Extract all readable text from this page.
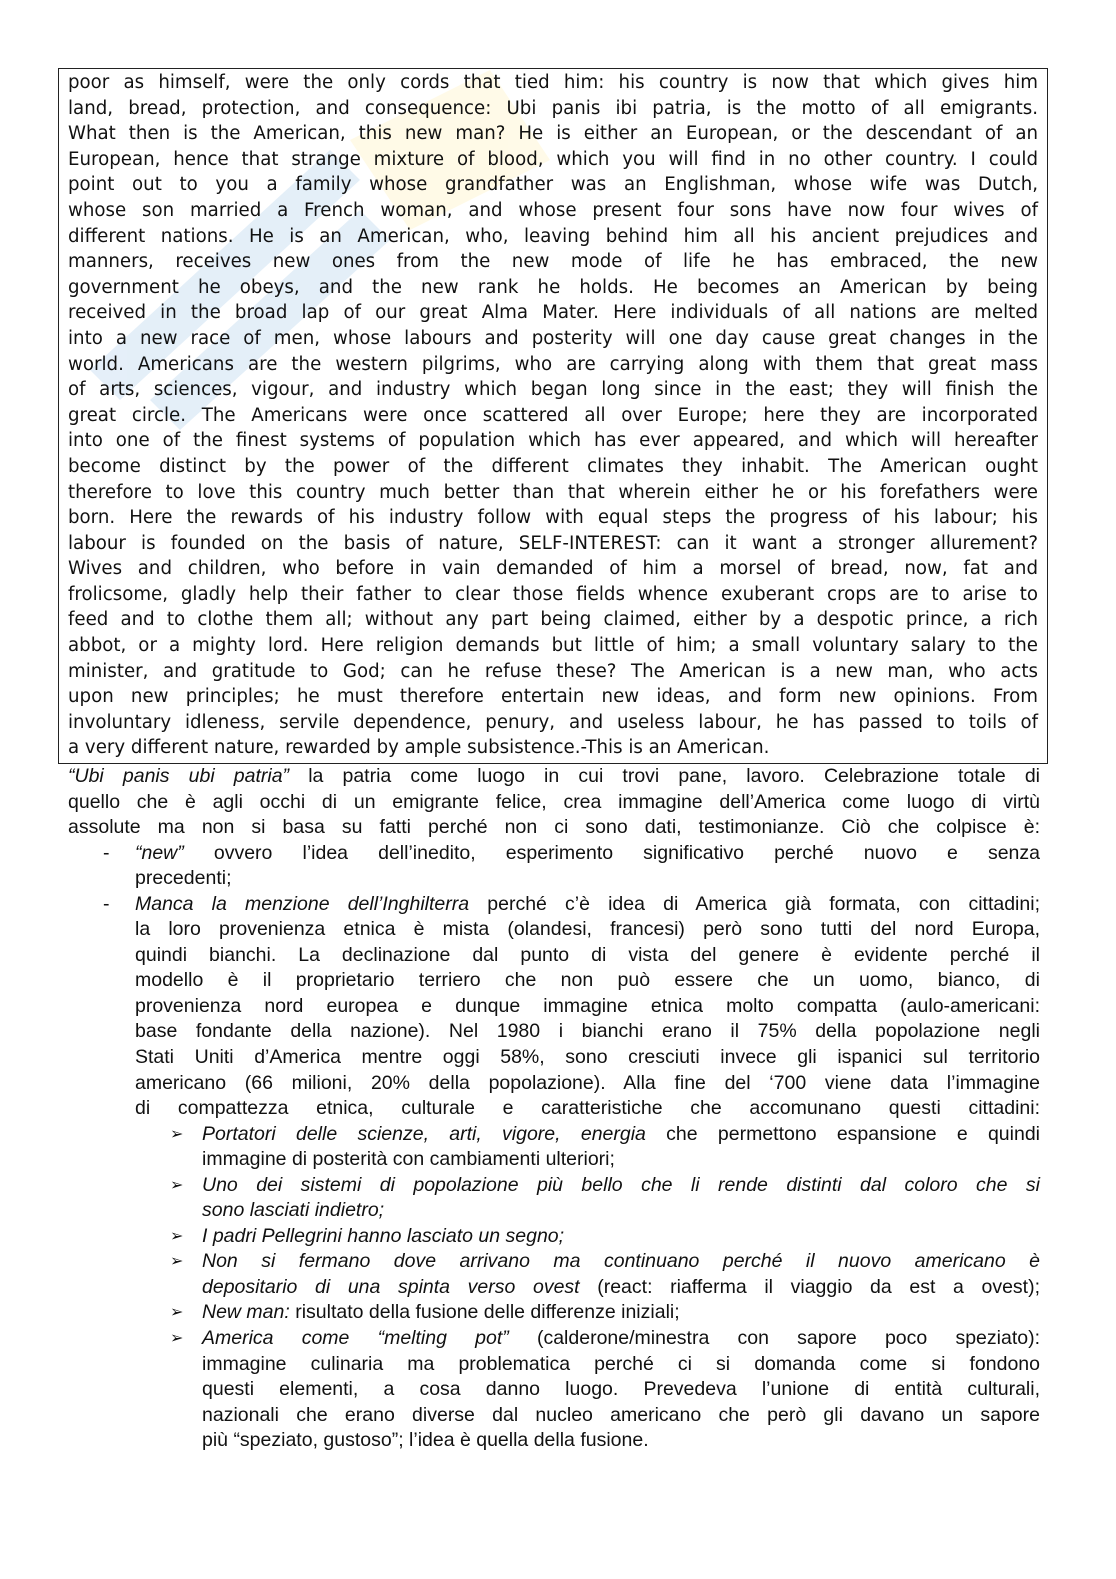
poor as himself, were the only cords that tied him: his country is now that which gives him
land, bread, protection, and consequence: Ubi panis ibi patria, is the motto of all emigrants.
What then is the American, this new man? He is either an European, or the descendant of an
European, hence that strange mixture of blood, which you will find in no other country. I could
point out to you a family whose grandfather was an Englishman, whose wife was Dutch,
whose son married a French woman, and whose present four sons have now four wives of
different nations. He is an American, who, leaving behind him all his ancient prejudices and
manners, receives new ones from the new mode of life he has embraced, the new
government he obeys, and the new rank he holds. He becomes an American by being
received in the broad lap of our great Alma Mater. Here individuals of all nations are melted
into a new race of men, whose labours and posterity will one day cause great changes in the
world. Americans are the western pilgrims, who are carrying along with them that great mass
of arts, sciences, vigour, and industry which began long since in the east; they will finish the
great circle. The Americans were once scattered all over Europe; here they are incorporated
into one of the finest systems of population which has ever appeared, and which will hereafter
become distinct by the power of the different climates they inhabit. The American ought
therefore to love this country much better than that wherein either he or his forefathers were
born. Here the rewards of his industry follow with equal steps the progress of his labour; his
labour is founded on the basis of nature, SELF-INTEREST: can it want a stronger allurement?
Wives and children, who before in vain demanded of him a morsel of bread, now, fat and
frolicsome, gladly help their father to clear those fields whence exuberant crops are to arise to
feed and to clothe them all; without any part being claimed, either by a despotic prince, a rich
abbot, or a mighty lord. Here religion demands but little of him; a small voluntary salary to the
minister, and gratitude to God; can he refuse these? The American is a new man, who acts
upon new principles; he must therefore entertain new ideas, and form new opinions. From
involuntary idleness, servile dependence, penury, and useless labour, he has passed to toils of
a very different nature, rewarded by ample subsistence.-This is an American.
“Ubi panis ubi patria” la patria come luogo in cui trovi pane, lavoro. Celebrazione totale di
quello che è agli occhi di un emigrante felice, crea immagine dell’America come luogo di virtù
assolute ma non si basa su fatti perché non ci sono dati, testimonianze. Ciò che colpisce è:
- “new” ovvero l’idea dell’inedito, esperimento significativo perché nuovo e senza
precedenti;
- Manca la menzione dell’Inghilterra perché c’è idea di America già formata, con cittadini;
la loro provenienza etnica è mista (olandesi, francesi) però sono tutti del nord Europa,
quindi bianchi. La declinazione dal punto di vista del genere è evidente perché il
modello è il proprietario terriero che non può essere che un uomo, bianco, di
provenienza nord europea e dunque immagine etnica molto compatta (aulo-americani:
base fondante della nazione). Nel 1980 i bianchi erano il 75% della popolazione negli
Stati Uniti d’America mentre oggi 58%, sono cresciuti invece gli ispanici sul territorio
americano (66 milioni, 20% della popolazione). Alla fine del ‘700 viene data l’immagine
di compattezza etnica, culturale e caratteristiche che accomunano questi cittadini:
➢ Portatori delle scienze, arti, vigore, energia che permettono espansione e quindi
immagine di posterità con cambiamenti ulteriori;
➢ Uno dei sistemi di popolazione più bello che li rende distinti dal coloro che si
sono lasciati indietro;
➢ I padri Pellegrini hanno lasciato un segno;
➢ Non si fermano dove arrivano ma continuano perché il nuovo americano è
depositario di una spinta verso ovest (react: riafferma il viaggio da est a ovest);
➢ New man: risultato della fusione delle differenze iniziali;
➢ America come “melting pot” (calderone/minestra con sapore poco speziato):
immagine culinaria ma problematica perché ci si domanda come si fondono
questi elementi, a cosa danno luogo. Prevedeva l’unione di entità culturali,
nazionali che erano diverse dal nucleo americano che però gli davano un sapore
più “speziato, gustoso”; l’idea è quella della fusione.
